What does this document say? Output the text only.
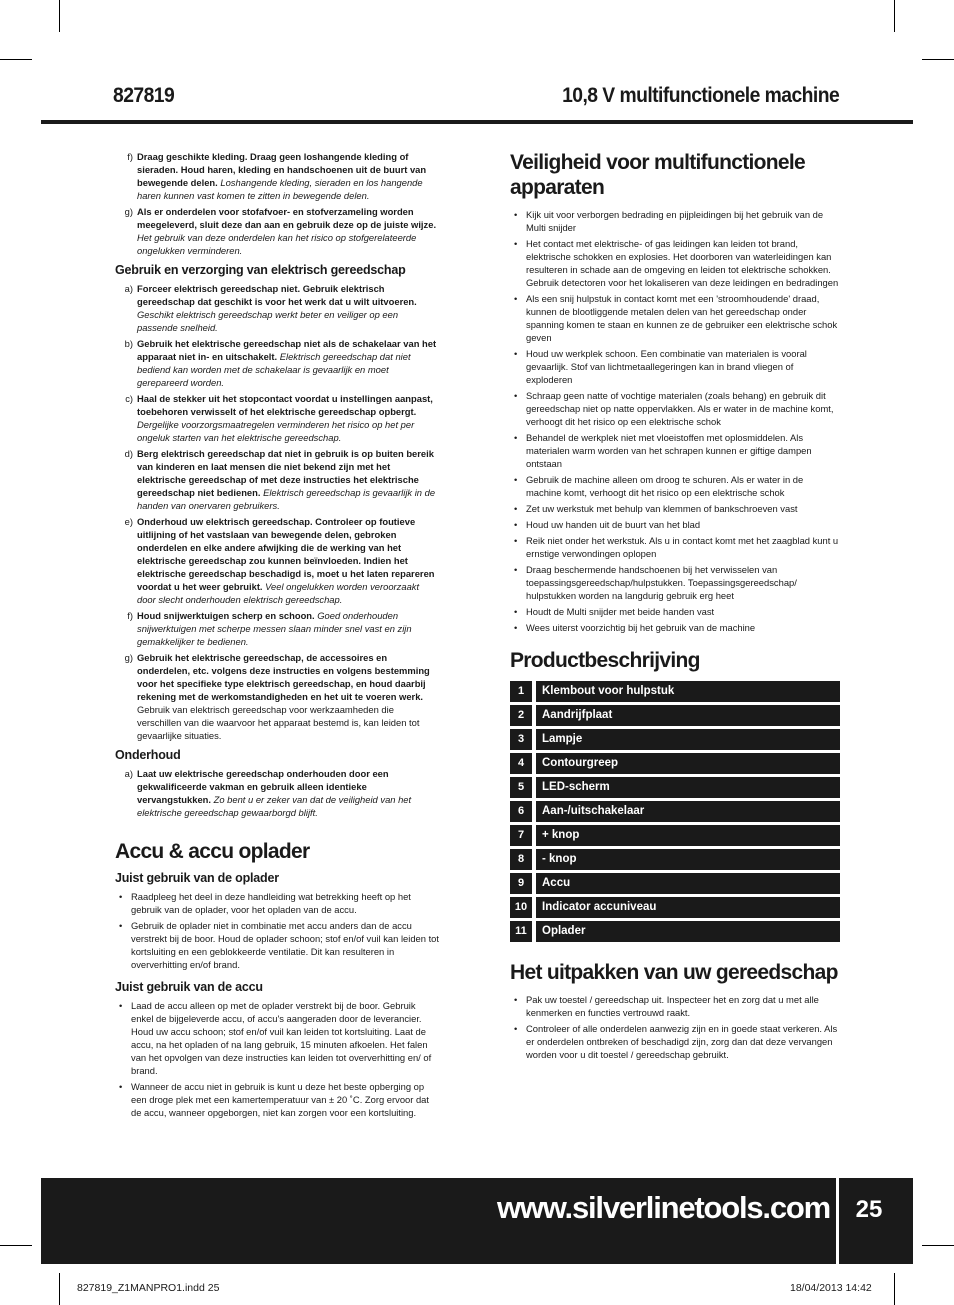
827819	10,8 V multifunctionele machine
f) Draag geschikte kleding. Draag geen loshangende kleding of sieraden. Houd haren, kleding en handschoenen uit de buurt van bewegende delen. Loshangende kleding, sieraden en los hangende haren kunnen vast komen te zitten in bewegende delen.
g) Als er onderdelen voor stofafvoer- en stofverzameling worden meegeleverd, sluit deze dan aan en gebruik deze op de juiste wijze. Het gebruik van deze onderdelen kan het risico op stofgerelateerde ongelukken verminderen.
Gebruik en verzorging van elektrisch gereedschap
a) Forceer elektrisch gereedschap niet. Gebruik elektrisch gereedschap dat geschikt is voor het werk dat u wilt uitvoeren. Geschikt elektrisch gereedschap werkt beter en veiliger op een passende snelheid.
b) Gebruik het elektrische gereedschap niet als de schakelaar van het apparaat niet in- en uitschakelt. Elektrisch gereedschap dat niet bediend kan worden met de schakelaar is gevaarlijk en moet gerepareerd worden.
c) Haal de stekker uit het stopcontact voordat u instellingen aanpast, toebehoren verwisselt of het elektrische gereedschap opbergt. Dergelijke voorzorgsmaatregelen verminderen het risico op het per ongeluk starten van het elektrische gereedschap.
d) Berg elektrisch gereedschap dat niet in gebruik is op buiten bereik van kinderen en laat mensen die niet bekend zijn met het elektrische gereedschap of met deze instructies het elektrische gereedschap niet bedienen. Elektrisch gereedschap is gevaarlijk in de handen van onervaren gebruikers.
e) Onderhoud uw elektrisch gereedschap. Controleer op foutieve uitlijning of het vastslaan van bewegende delen, gebroken onderdelen en elke andere afwijking die de werking van het elektrische gereedschap zou kunnen beïnvloeden. Indien het elektrische gereedschap beschadigd is, moet u het laten repareren voordat u het weer gebruikt. Veel ongelukken worden veroorzaakt door slecht onderhouden elektrisch gereedschap.
f) Houd snijwerktuigen scherp en schoon. Goed onderhouden snijwerktuigen met scherpe messen slaan minder snel vast en zijn gemakkelijker te bedienen.
g) Gebruik het elektrische gereedschap, de accessoires en onderdelen, etc. volgens deze instructies en volgens bestemming voor het specifieke type elektrisch gereedschap, en houd daarbij rekening met de werkomstandigheden en het uit te voeren werk. Gebruik van elektrisch gereedschap voor werkzaamheden die verschillen van die waarvoor het apparaat bestemd is, kan leiden tot gevaarlijke situaties.
Onderhoud
a) Laat uw elektrische gereedschap onderhouden door een gekwalificeerde vakman en gebruik alleen identieke vervangstukken. Zo bent u er zeker van dat de veiligheid van het elektrische gereedschap gewaarborgd blijft.
Accu & accu oplader
Juist gebruik van de oplader
• Raadpleeg het deel in deze handleiding wat betrekking heeft op het gebruik van de oplader, voor het opladen van de accu.
• Gebruik de oplader niet in combinatie met accu anders dan de accu verstrekt bij de boor. Houd de oplader schoon; stof en/of vuil kan leiden tot kortsluiting en een geblokkeerde ventilatie. Dit kan resulteren in oververhitting en/of brand.
Juist gebruik van de accu
• Laad de accu alleen op met de oplader verstrekt bij de boor. Gebruik enkel de bijgeleverde accu, of accu's aangeraden door de leverancier. Houd uw accu schoon; stof en/of vuil kan leiden tot kortsluiting. Laat de accu, na het opladen of na lang gebruik, 15 minuten afkoelen. Het falen van het opvolgen van deze instructies kan leiden tot oververhitting en/ of brand.
• Wanneer de accu niet in gebruik is kunt u deze het beste opberging op een droge plek met een kamertemperatuur van ± 20 ˚C. Zorg ervoor dat de accu, wanneer opgeborgen, niet kan zorgen voor een kortsluiting.
Veiligheid voor multifunctionele apparaten
• Kijk uit voor verborgen bedrading en pijpleidingen bij het gebruik van de Multi snijder
• Het contact met elektrische- of gas leidingen kan leiden tot brand, elektrische schokken en explosies. Het doorboren van waterleidingen kan resulteren in schade aan de omgeving en leiden tot elektrische schokken. Gebruik detectoren voor het lokaliseren van deze leidingen en bedradingen
• Als een snij hulpstuk in contact komt met een 'stroomhoudende' draad, kunnen de blootliggende metalen delen van het gereedschap onder spanning komen te staan en kunnen ze de gebruiker een elektrische schok geven
• Houd uw werkplek schoon. Een combinatie van materialen is vooral gevaarlijk. Stof van lichtmetaallegeringen kan in brand vliegen of exploderen
• Schraap geen natte of vochtige materialen (zoals behang) en gebruik dit gereedschap niet op natte oppervlakken. Als er water in de machine komt, verhoogt dit het risico op een elektrische schok
• Behandel de werkplek niet met vloeistoffen met oplosmiddelen. Als materialen warm worden van het schrapen kunnen er giftige dampen ontstaan
• Gebruik de machine alleen om droog te schuren. Als er water in de machine komt, verhoogt dit het risico op een elektrische schok
• Zet uw werkstuk met behulp van klemmen of bankschroeven vast
• Houd uw handen uit de buurt van het blad
• Reik niet onder het werkstuk. Als u in contact komt met het zaagblad kunt u ernstige verwondingen oplopen
• Draag beschermende handschoenen bij het verwisselen van toepassingsgereedschap/hulpstukken. Toepassingsgereedschap/ hulpstukken worden na langdurig gebruik erg heet
• Houdt de Multi snijder met beide handen vast
• Wees uiterst voorzichtig bij het gebruik van de machine
Productbeschrijving
1	Klembout voor hulpstuk
2	Aandrijfplaat
3	Lampje
4	Contourgreep
5	LED-scherm
6	Aan-/uitschakelaar
7	+ knop
8	- knop
9	Accu
10	Indicator accuniveau
11	Oplader
Het uitpakken van uw gereedschap
• Pak uw toestel / gereedschap uit. Inspecteer het en zorg dat u met alle kenmerken en functies vertrouwd raakt.
• Controleer of alle onderdelen aanwezig zijn en in goede staat verkeren. Als er onderdelen ontbreken of beschadigd zijn, zorg dan dat deze vervangen worden voor u dit toestel / gereedschap gebruikt.
www.silverlinetools.com	25
827819_Z1MANPRO1.indd 25	18/04/2013 14:42
